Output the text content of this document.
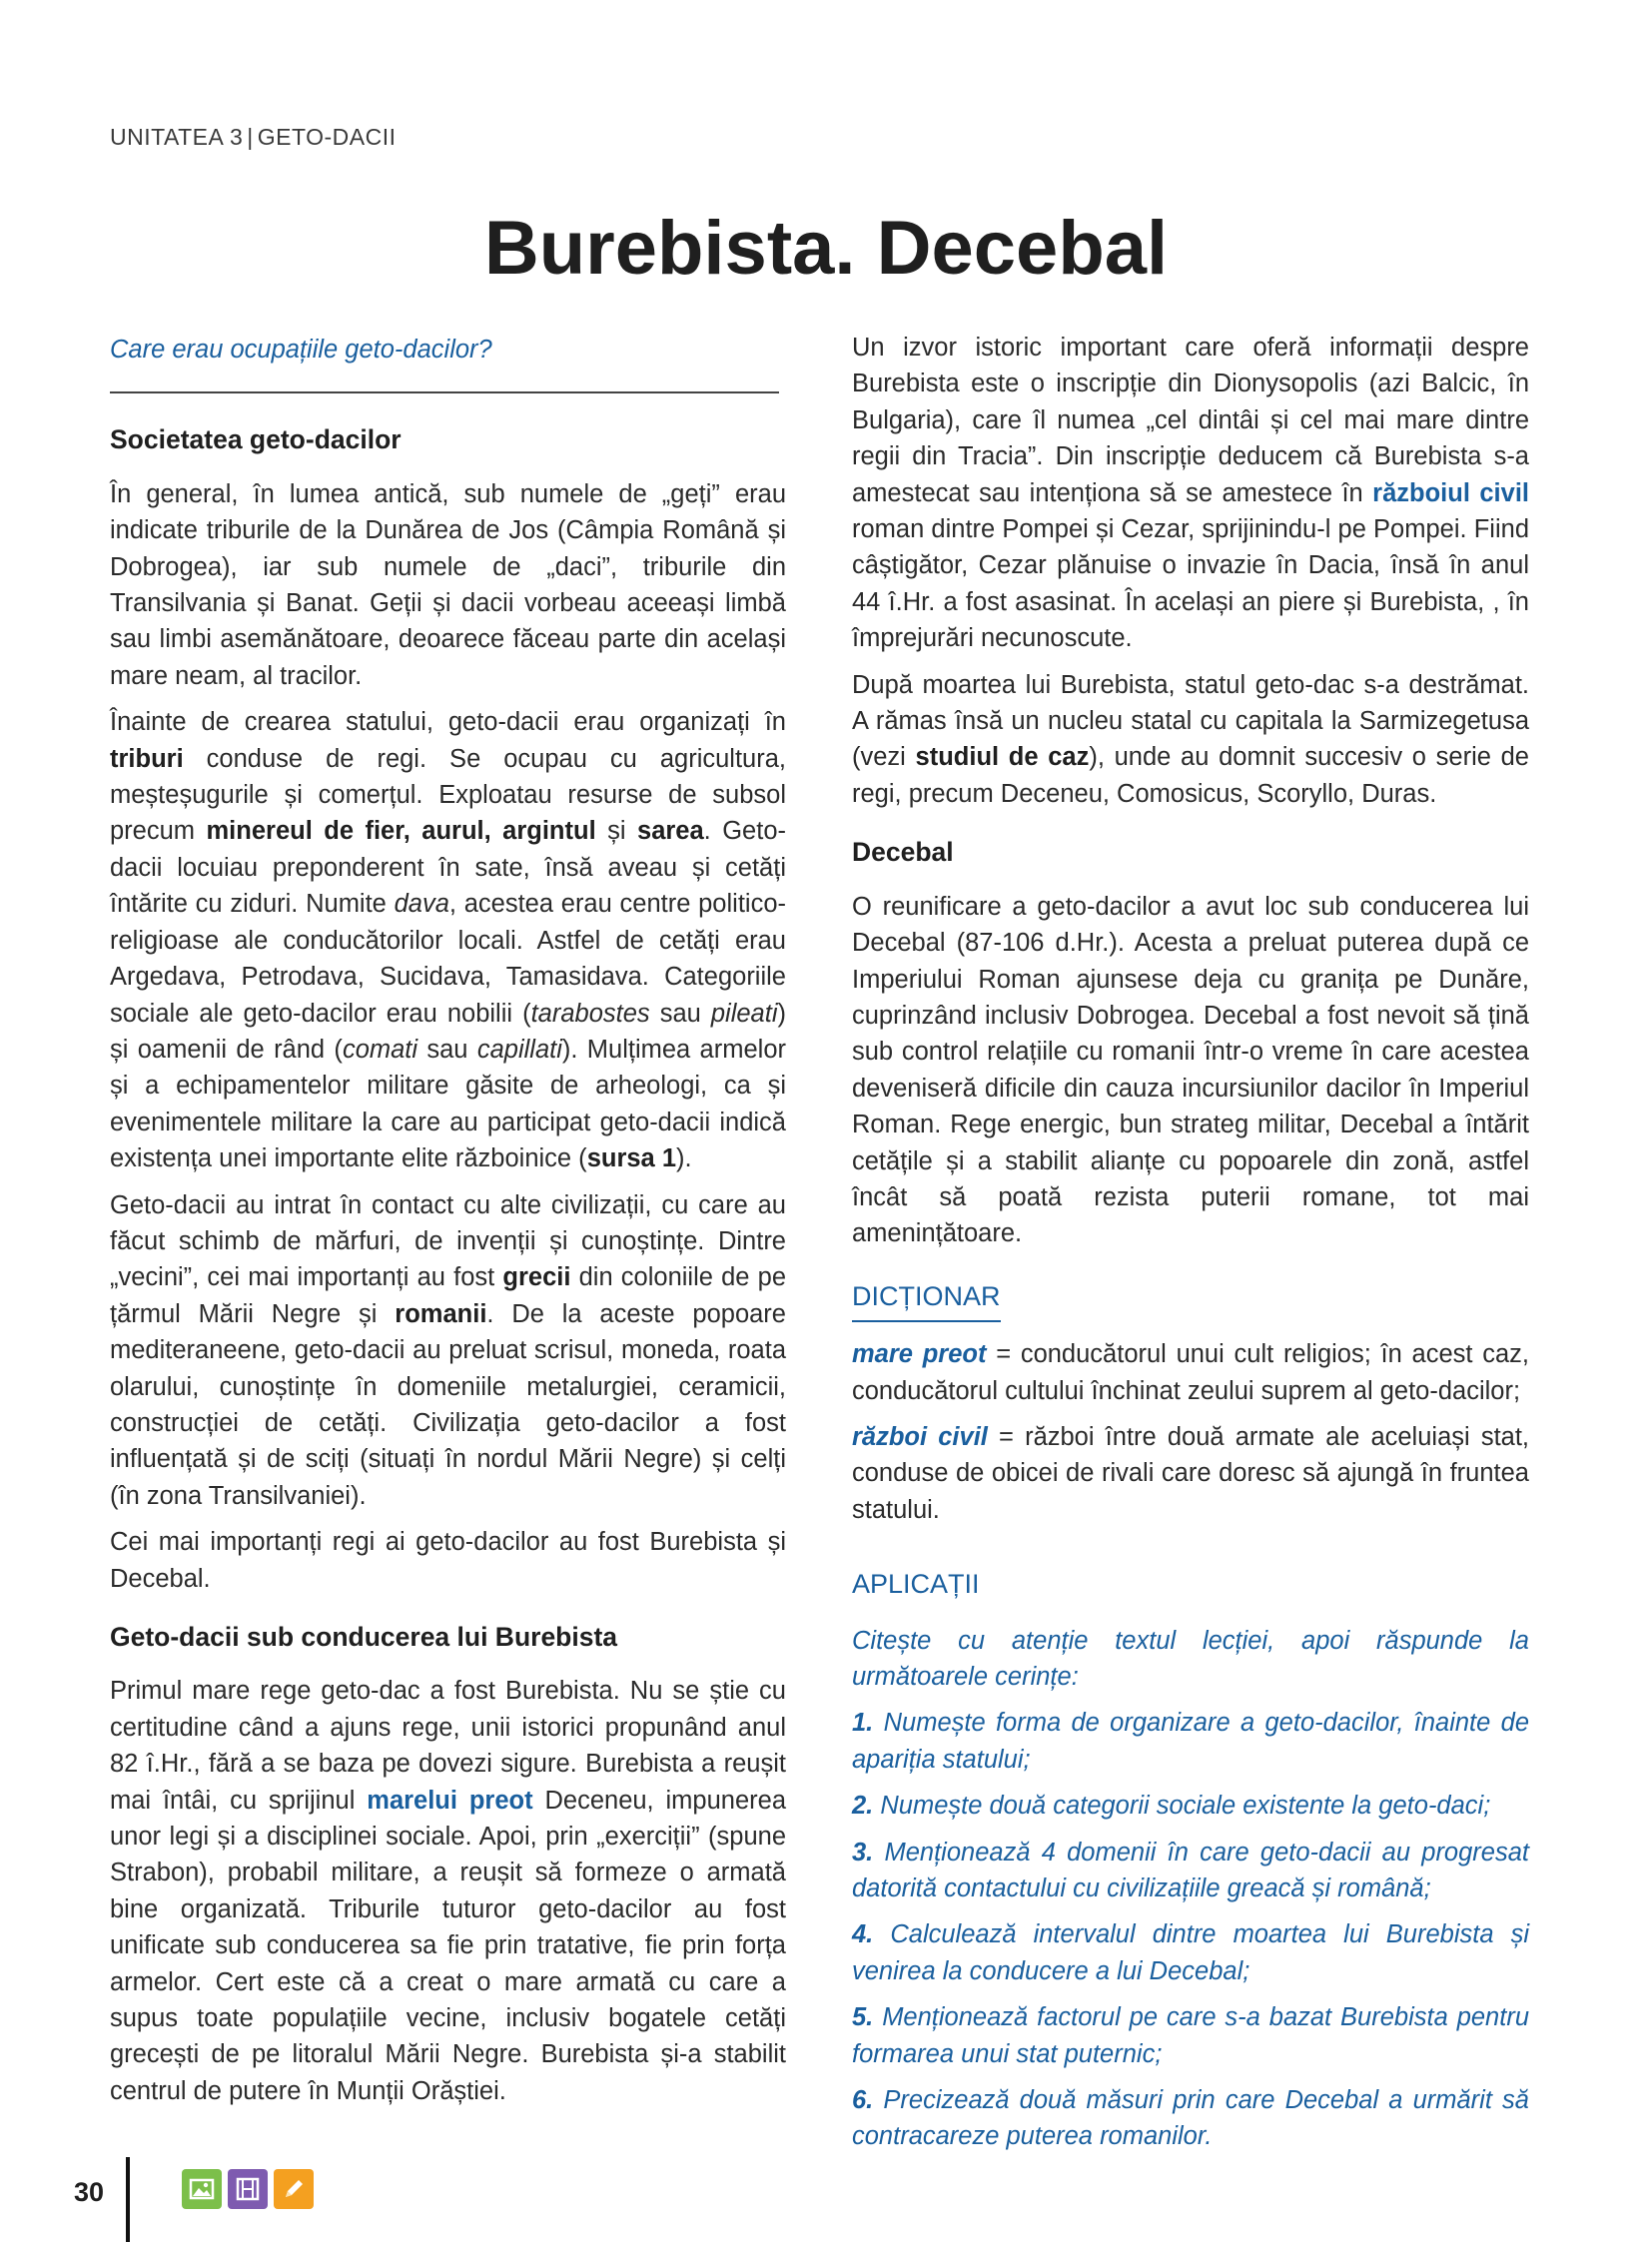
UNITATEA 3 | GETO-DACII
Burebista. Decebal

Care erau ocupațiile geto-dacilor?

Societatea geto-dacilor

În general, în lumea antică, sub numele de „geți” erau indicate triburile de la Dunărea de Jos (Câmpia Română și Dobrogea), iar sub numele de „daci”, triburile din Transilvania și Banat. Geții și dacii vorbeau aceeași limbă sau limbi asemănătoare, deoarece făceau parte din același mare neam, al tracilor.

Înainte de crearea statului, geto-dacii erau organizați în triburi conduse de regi. Se ocupau cu agricultura, meșteșugurile și comerțul. Exploatau resurse de subsol precum minereul de fier, aurul, argintul și sarea. Geto-dacii locuiau preponderent în sate, însă aveau și cetăți întărite cu ziduri. Numite dava, acestea erau centre politico-religioase ale conducătorilor locali. Astfel de cetăți erau Argedava, Petrodava, Sucidava, Tamasidava. Categoriile sociale ale geto-dacilor erau nobilii (tarabostes sau pileati) și oamenii de rând (comati sau capillati). Mulțimea armelor și a echipamentelor militare găsite de arheologi, ca și evenimentele militare la care au participat geto-dacii indică existența unei importante elite războinice (sursa 1).

Geto-dacii au intrat în contact cu alte civilizații, cu care au făcut schimb de mărfuri, de invenții și cunoștințe. Dintre „vecini”, cei mai importanți au fost grecii din coloniile de pe țărmul Mării Negre și romanii. De la aceste popoare mediteraneene, geto-dacii au preluat scrisul, moneda, roata olarului, cunoștințe în domeniile metalurgiei, ceramicii, construcției de cetăți. Civilizația geto-dacilor a fost influențată și de sciți (situați în nordul Mării Negre) și celți (în zona Transilvaniei).

Cei mai importanți regi ai geto-dacilor au fost Burebista și Decebal.

Geto-dacii sub conducerea lui Burebista

Primul mare rege geto-dac a fost Burebista. Nu se știe cu certitudine când a ajuns rege, unii istorici propunând anul 82 î.Hr., fără a se baza pe dovezi sigure. Burebista a reușit mai întâi, cu sprijinul marelui preot Deceneu, impunerea unor legi și a disciplinei sociale. Apoi, prin „exerciții” (spune Strabon), probabil militare, a reușit să formeze o armată bine organizată. Triburile tuturor geto-dacilor au fost unificate sub conducerea sa fie prin tratative, fie prin forța armelor. Cert este că a creat o mare armată cu care a supus toate populațiile vecine, inclusiv bogatele cetăți grecești de pe litoralul Mării Negre. Burebista și-a stabilit centrul de putere în Munții Orăștiei.

Un izvor istoric important care oferă informații despre Burebista este o inscripție din Dionysopolis (azi Balcic, în Bulgaria), care îl numea „cel dintâi și cel mai mare dintre regii din Tracia”. Din inscripție deducem că Burebista s-a amestecat sau intenționa să se amestece în războiul civil roman dintre Pompei și Cezar, sprijinindu-l pe Pompei. Fiind câștigător, Cezar plănuise o invazie în Dacia, însă în anul 44 î.Hr. a fost asasinat. În același an piere și Burebista, , în împrejurări necunoscute.

După moartea lui Burebista, statul geto-dac s-a destrămat. A rămas însă un nucleu statal cu capitala la Sarmizegetusa (vezi studiul de caz), unde au domnit succesiv o serie de regi, precum Deceneu, Comosicus, Scoryllo, Duras.

Decebal

O reunificare a geto-dacilor a avut loc sub conducerea lui Decebal (87-106 d.Hr.). Acesta a preluat puterea după ce Imperiului Roman ajunsese deja cu granița pe Dunăre, cuprinzând inclusiv Dobrogea. Decebal a fost nevoit să țină sub control relațiile cu romanii într-o vreme în care acestea deveniseră dificile din cauza incursiunilor dacilor în Imperiul Roman. Rege energic, bun strateg militar, Decebal a întărit cetățile și a stabilit alianțe cu popoarele din zonă, astfel încât să poată rezista puterii romane, tot mai amenințătoare.

DICȚIONAR

mare preot = conducătorul unui cult religios; în acest caz, conducătorul cultului închinat zeului suprem al geto-dacilor;

război civil = război între două armate ale aceluiași stat, conduse de obicei de rivali care doresc să ajungă în fruntea statului.

APLICAȚII

Citește cu atenție textul lecției, apoi răspunde la următoarele cerințe:

1. Numește forma de organizare a geto-dacilor, înainte de apariția statului;

2. Numește două categorii sociale existente la geto-daci;

3. Menționează 4 domenii în care geto-dacii au progresat datorită contactului cu civilizațiile greacă și română;

4. Calculează intervalul dintre moartea lui Burebista și venirea la conducere a lui Decebal;

5. Menționează factorul pe care s-a bazat Burebista pentru formarea unui stat puternic;

6. Precizează două măsuri prin care Decebal a urmărit să contracareze puterea romanilor.

30
